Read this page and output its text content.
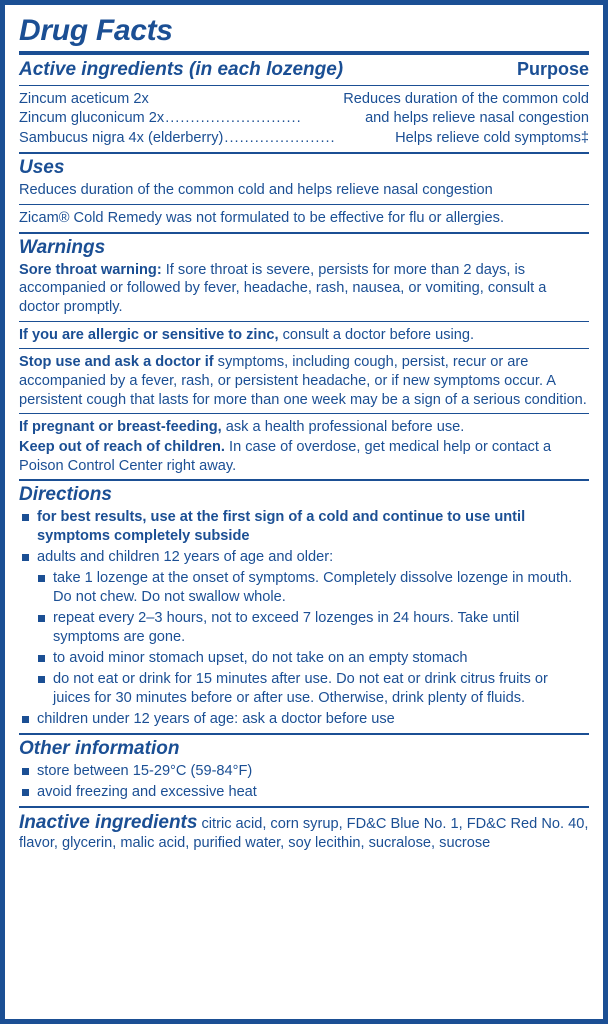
Drug Facts
Active ingredients (in each lozenge)	Purpose
Zincum aceticum 2x	Reduces duration of the common cold
Zincum gluconicum 2x ...........................	and helps relieve nasal congestion
Sambucus nigra 4x (elderberry) ......................	Helps relieve cold symptoms‡
Uses
Reduces duration of the common cold and helps relieve nasal congestion
Zicam® Cold Remedy was not formulated to be effective for flu or allergies.
Warnings
Sore throat warning: If sore throat is severe, persists for more than 2 days, is accompanied or followed by fever, headache, rash, nausea, or vomiting, consult a doctor promptly.
If you are allergic or sensitive to zinc, consult a doctor before using.
Stop use and ask a doctor if symptoms, including cough, persist, recur or are accompanied by a fever, rash, or persistent headache, or if new symptoms occur. A persistent cough that lasts for more than one week may be a sign of a serious condition.
If pregnant or breast-feeding, ask a health professional before use.
Keep out of reach of children. In case of overdose, get medical help or contact a Poison Control Center right away.
Directions
for best results, use at the first sign of a cold and continue to use until symptoms completely subside
adults and children 12 years of age and older:
take 1 lozenge at the onset of symptoms. Completely dissolve lozenge in mouth. Do not chew. Do not swallow whole.
repeat every 2–3 hours, not to exceed 7 lozenges in 24 hours. Take until symptoms are gone.
to avoid minor stomach upset, do not take on an empty stomach
do not eat or drink for 15 minutes after use. Do not eat or drink citrus fruits or juices for 30 minutes before or after use. Otherwise, drink plenty of fluids.
children under 12 years of age: ask a doctor before use
Other information
store between 15-29°C (59-84°F)
avoid freezing and excessive heat
Inactive ingredients citric acid, corn syrup, FD&C Blue No. 1, FD&C Red No. 40, flavor, glycerin, malic acid, purified water, soy lecithin, sucralose, sucrose
